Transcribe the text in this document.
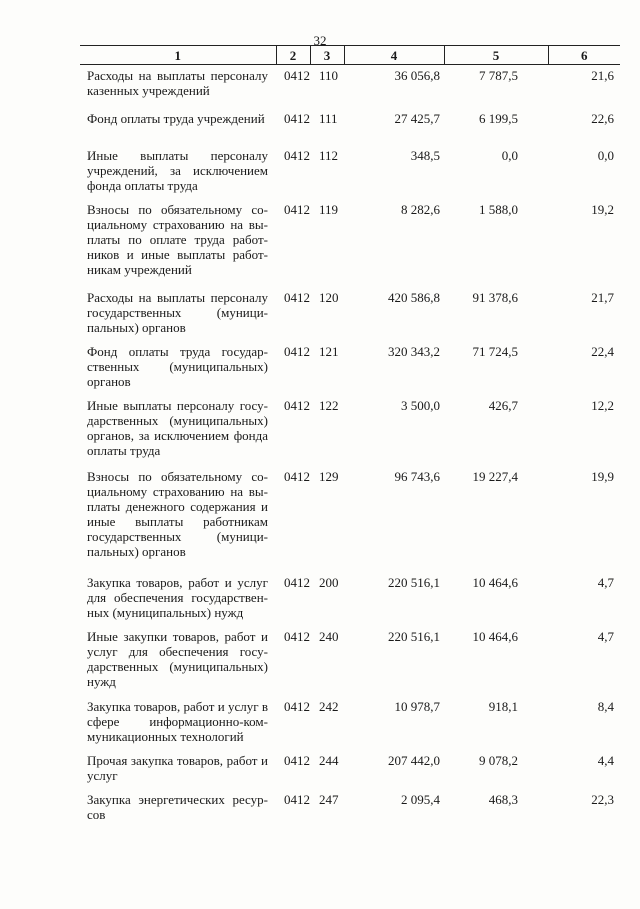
32
1	2	3	4	5	6
Расходы на выплаты персоналу казенных учреждений	0412	110	36 056,8	7 787,5	21,6
Фонд оплаты труда учреждений	0412	111	27 425,7	6 199,5	22,6
Иные выплаты персоналу учреждений, за исключением фонда оплаты труда	0412	112	348,5	0,0	0,0
Взносы по обязательному социальному страхованию на выплаты по оплате труда работников и иные выплаты работникам учреждений	0412	119	8 282,6	1 588,0	19,2
Расходы на выплаты персоналу государственных (муниципальных) органов	0412	120	420 586,8	91 378,6	21,7
Фонд оплаты труда государственных (муниципальных) органов	0412	121	320 343,2	71 724,5	22,4
Иные выплаты персоналу государственных (муниципальных) органов, за исключением фонда оплаты труда	0412	122	3 500,0	426,7	12,2
Взносы по обязательному социальному страхованию на выплаты денежного содержания и иные выплаты работникам государственных (муниципальных) органов	0412	129	96 743,6	19 227,4	19,9
Закупка товаров, работ и услуг для обеспечения государственных (муниципальных) нужд	0412	200	220 516,1	10 464,6	4,7
Иные закупки товаров, работ и услуг для обеспечения государственных (муниципальных) нужд	0412	240	220 516,1	10 464,6	4,7
Закупка товаров, работ и услуг в сфере информационно-коммуникационных технологий	0412	242	10 978,7	918,1	8,4
Прочая закупка товаров, работ и услуг	0412	244	207 442,0	9 078,2	4,4
Закупка энергетических ресурсов	0412	247	2 095,4	468,3	22,3
